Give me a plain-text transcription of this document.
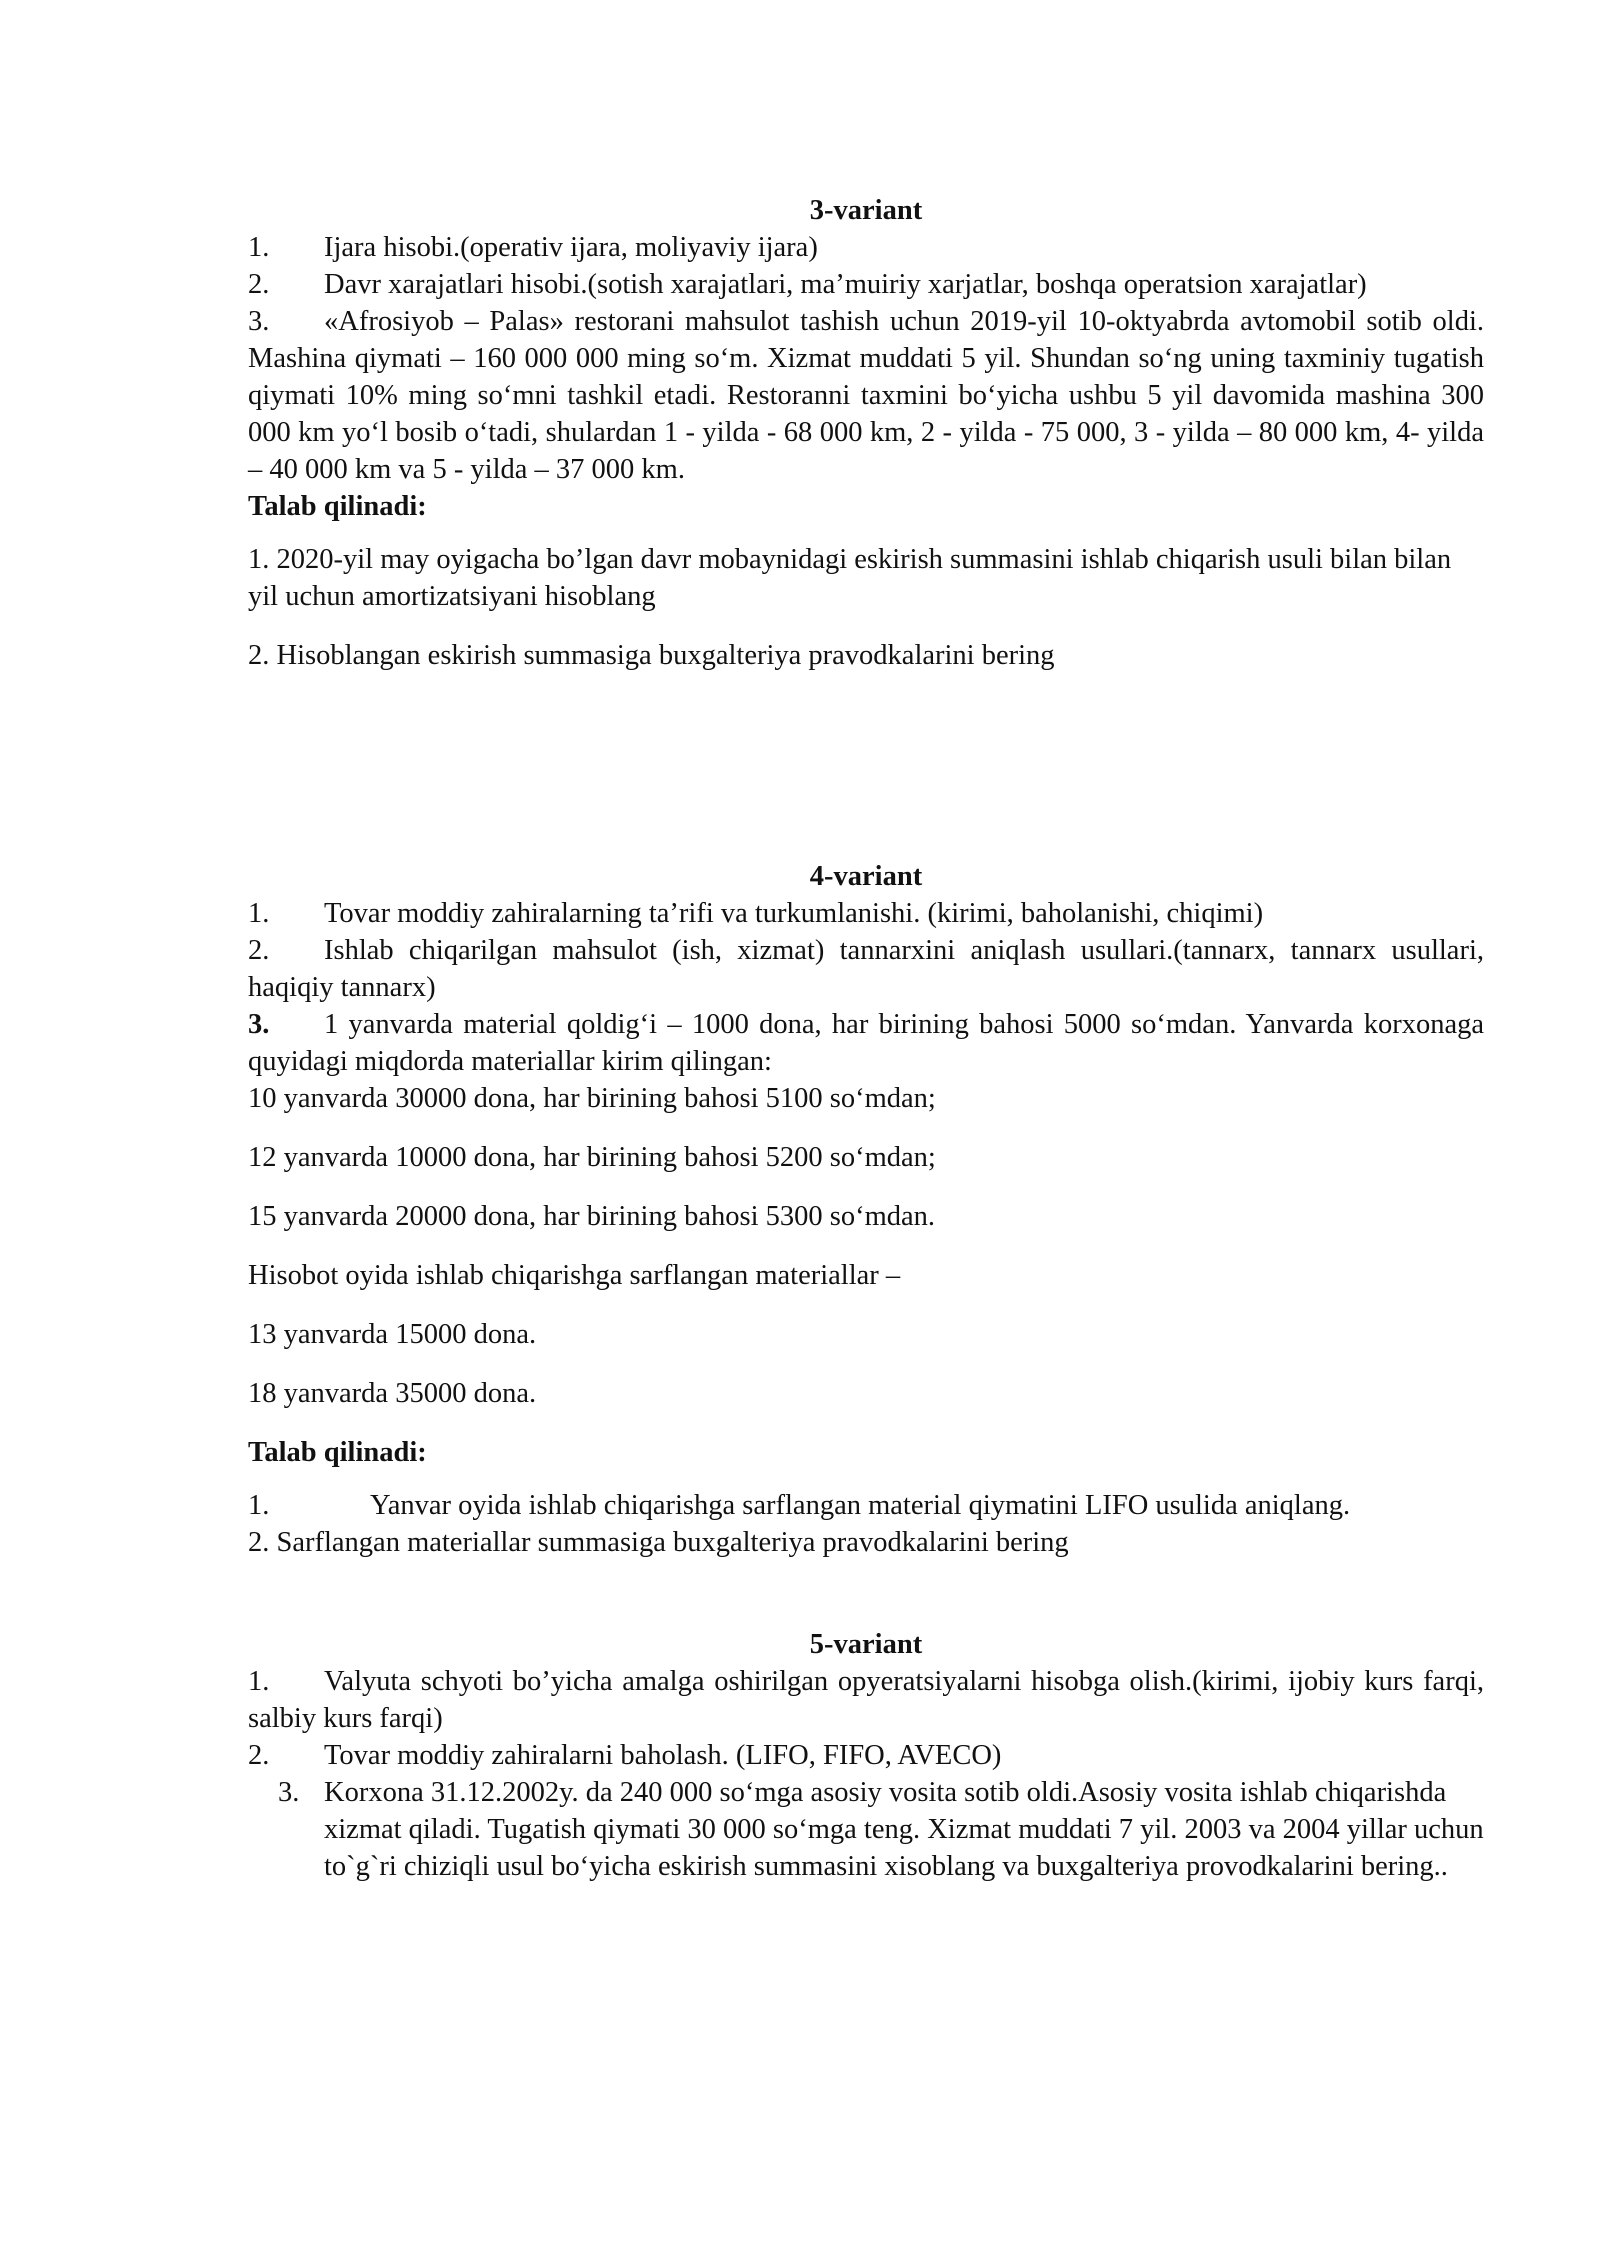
3-variant

1. Ijara hisobi.(operativ ijara, moliyaviy ijara)

2. Davr xarajatlari hisobi.(sotish xarajatlari, ma’muiriy xarjatlar, boshqa operatsion xarajatlar)

3. «Afrosiyob – Palas» restorani mahsulot tashish uchun 2019-yil 10-oktyabrda avtomobil sotib oldi. Mashina qiymati – 160 000 000 ming so‘m. Xizmat muddati 5 yil. Shundan so‘ng uning taxminiy tugatish qiymati 10% ming so‘mni tashkil etadi. Restoranni taxmini bo‘yicha ushbu 5 yil davomida mashina 300 000 km yo‘l bosib o‘tadi, shulardan 1 - yilda - 68 000 km, 2 - yilda - 75 000, 3 - yilda – 80 000 km, 4- yilda – 40 000 km va 5 - yilda – 37 000 km.

Talab qilinadi:

1. 2020-yil may oyigacha bo’lgan davr mobaynidagi eskirish summasini ishlab chiqarish usuli bilan bilan yil uchun amortizatsiyani hisoblang

2. Hisoblangan eskirish summasiga buxgalteriya pravodkalarini bering

4-variant

1. Tovar moddiy zahiralarning ta’rifi va turkumlanishi. (kirimi, baholanishi, chiqimi)

2. Ishlab chiqarilgan mahsulot (ish, xizmat) tannarxini aniqlash usullari.(tannarx, tannarx usullari, haqiqiy tannarx)

3. 1 yanvarda material qoldig‘i – 1000 dona, har birining bahosi 5000 so‘mdan. Yanvarda korxonaga quyidagi miqdorda materiallar kirim qilingan:

10 yanvarda 30000 dona, har birining bahosi 5100 so‘mdan;

12 yanvarda 10000 dona, har birining bahosi 5200 so‘mdan;

15 yanvarda 20000 dona, har birining bahosi 5300 so‘mdan.

Hisobot oyida ishlab chiqarishga sarflangan materiallar –

13 yanvarda 15000 dona.

18 yanvarda 35000 dona.

Talab qilinadi:

1.	Yanvar oyida ishlab chiqarishga sarflangan material qiymatini LIFO usulida aniqlang.

2. Sarflangan materiallar summasiga buxgalteriya pravodkalarini bering

5-variant

1. Valyuta schyoti bo’yicha amalga oshirilgan opyeratsiyalarni hisobga olish.(kirimi, ijobiy kurs farqi, salbiy kurs farqi)

2. Tovar moddiy zahiralarni baholash. (LIFO, FIFO, AVECO)

3. Korxona 31.12.2002y. da 240 000 so‘mga asosiy vosita sotib oldi.Asosiy vosita ishlab chiqarishda xizmat qiladi. Tugatish qiymati 30 000 so‘mga teng. Xizmat muddati 7 yil. 2003 va 2004 yillar uchun to`g`ri chiziqli usul bo‘yicha eskirish summasini xisoblang va buxgalteriya provodkalarini bering..
